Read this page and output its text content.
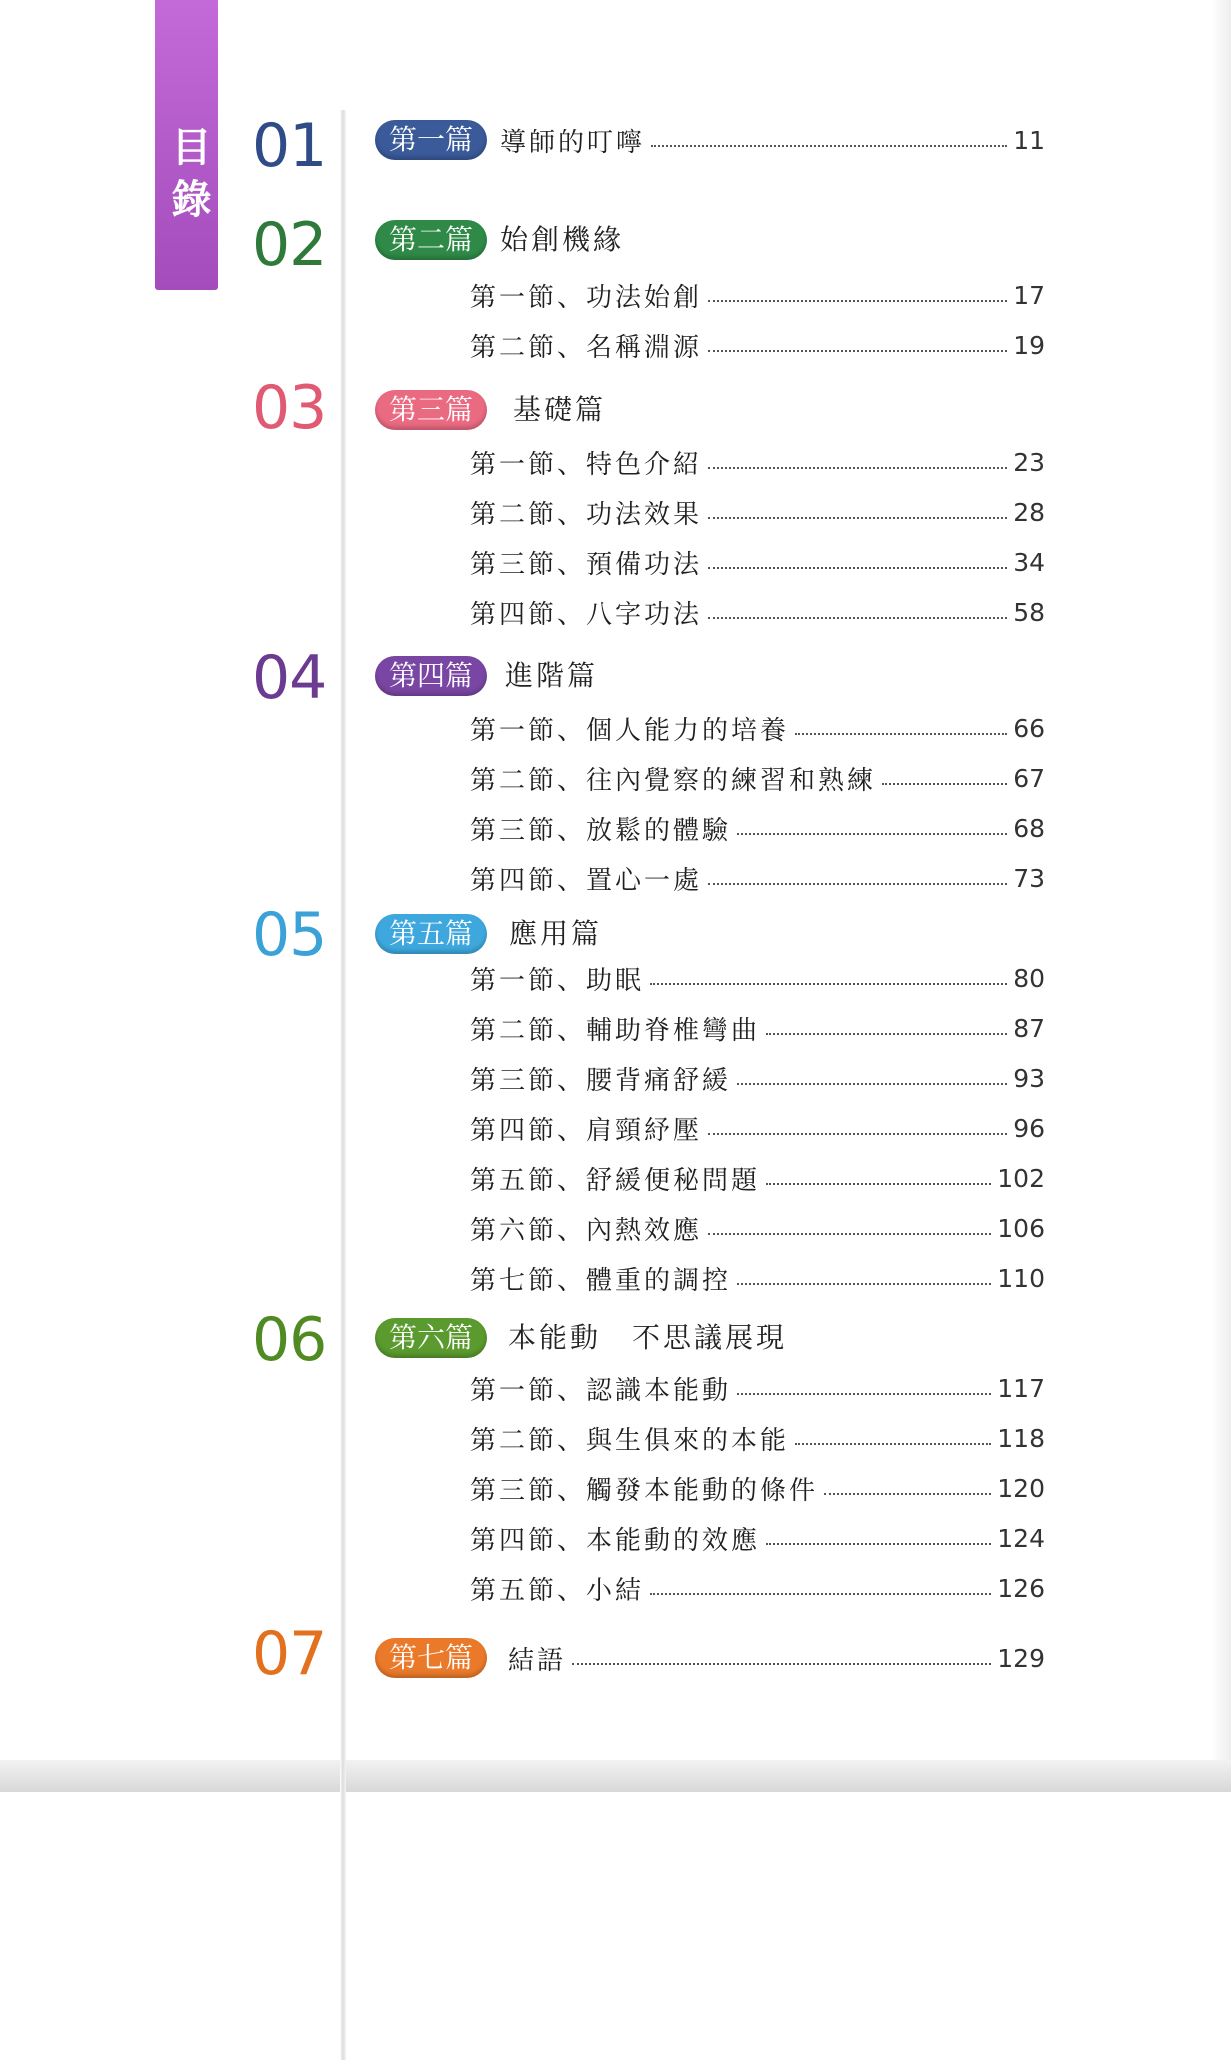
目錄
01	第一篇	導師的叮嚀	11
02	第二篇 始創機緣
第一節、功法始創	17
第二節、名稱淵源	19
03	第三篇	基礎篇
第一節、特色介紹	23
第二節、功法效果	28
第三節、預備功法	34
第四節、八字功法	58
04	第四篇	進階篇
第一節、個人能力的培養	66
第二節、往內覺察的練習和熟練	67
第三節、放鬆的體驗	68
第四節、置心一處	73
05	第五篇	應用篇
第一節、助眠	80
第二節、輔助脊椎彎曲	87
第三節、腰背痛舒緩	93
第四節、肩頸紓壓	96
第五節、舒緩便秘問題	102
第六節、內熱效應	106
第七節、體重的調控	110
06	第六篇	本能動　不思議展現
第一節、認識本能動	117
第二節、與生俱來的本能	118
第三節、觸發本能動的條件	120
第四節、本能動的效應	124
第五節、小結	126
07	第七篇	結語	129
